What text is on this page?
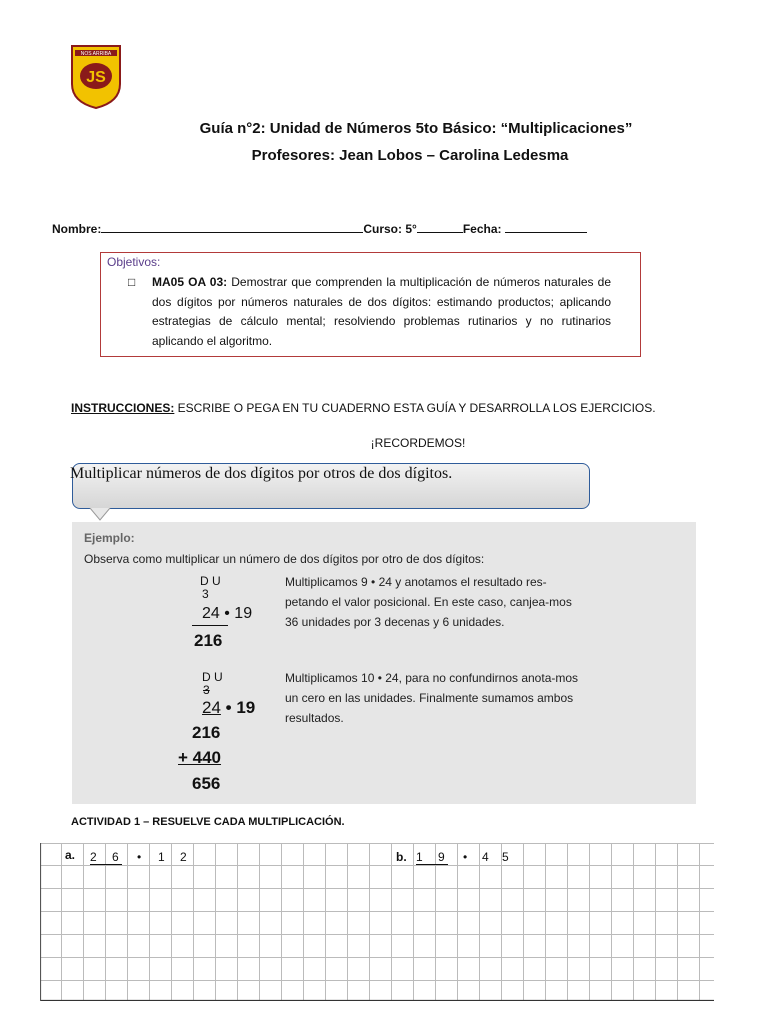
NOS ARRIBA
JS
Guía n°2: Unidad de Números 5to Básico: “Multiplicaciones”
Profesores: Jean Lobos – Carolina Ledesma
Nombre:	Curso: 5°	Fecha:
Objetivos:
□ MA05 OA 03: Demostrar que comprenden la multiplicación de números naturales de dos dígitos por números naturales de dos dígitos: estimando productos; aplicando estrategias de cálculo mental; resolviendo problemas rutinarios y no rutinarios aplicando el algoritmo.
INSTRUCCIONES: ESCRIBE O PEGA EN TU CUADERNO ESTA GUÍA Y DESARROLLA LOS EJERCICIOS.
¡RECORDEMOS!
Multiplicar números de dos dígitos por otros de dos dígitos.
Ejemplo:
Observa como multiplicar un número de dos dígitos por otro de dos dígitos:
D U
3
24 • 19
216
Multiplicamos 9 • 24 y anotamos el resultado res-petando el valor posicional. En este caso, canjea-mos 36 unidades por 3 decenas y 6 unidades.
D U
3
24 • 19
216
+ 440
656
Multiplicamos 10 • 24, para no confundirnos anota-mos un cero en las unidades. Finalmente sumamos ambos resultados.
ACTIVIDAD 1 – RESUELVE CADA MULTIPLICACIÓN.
a. 2 6
• 1 2	b. 1 9
• 4 5
